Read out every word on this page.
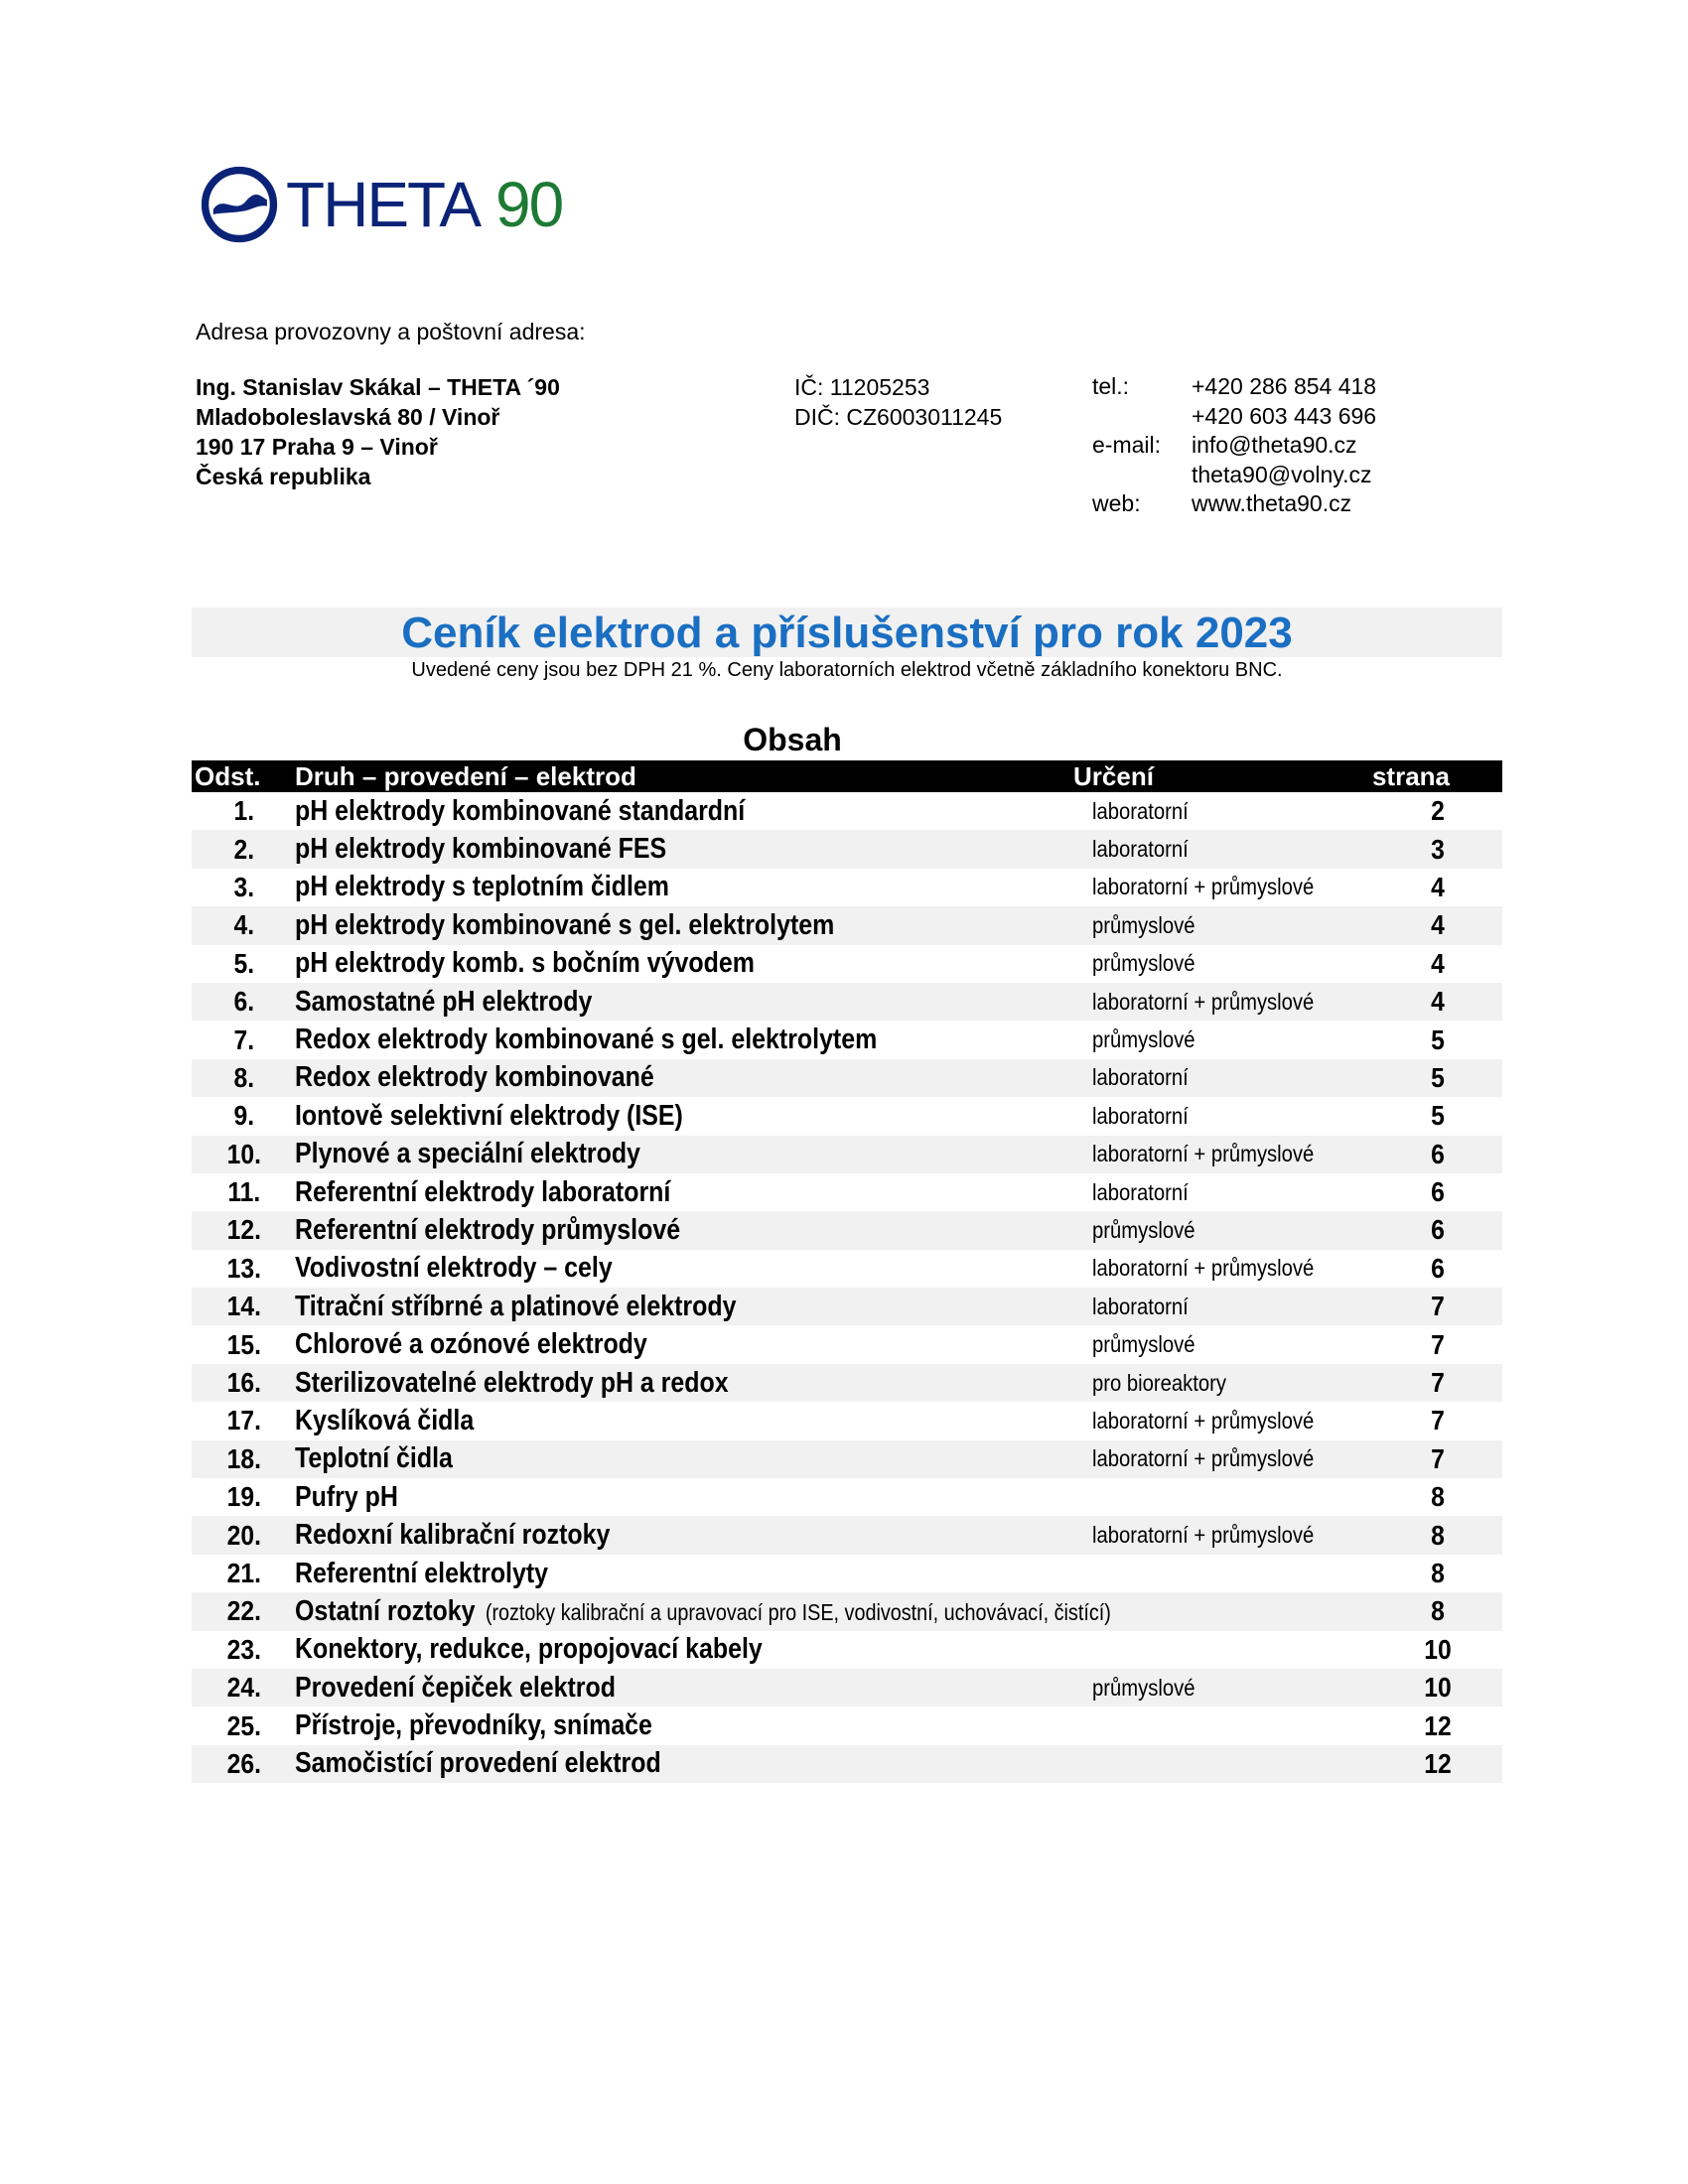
THETA 90
Adresa provozovny a poštovní adresa:
Ing. Stanislav Skákal – THETA ´90
Mladoboleslavská 80 / Vinoř
190 17 Praha 9 – Vinoř
Česká republika
IČ: 11205253
DIČ: CZ6003011245
tel.:	+420 286 854 418
+420 603 443 696
e-mail:	info@theta90.cz
theta90@volny.cz
web:	www.theta90.cz
Ceník elektrod a příslušenství pro rok 2023
Uvedené ceny jsou bez DPH 21 %. Ceny laboratorních elektrod včetně základního konektoru BNC.
Obsah
Odst.	Druh – provedení – elektrod	Určení	strana
1.	pH elektrody kombinované standardní	laboratorní	2
2.	pH elektrody kombinované FES	laboratorní	3
3.	pH elektrody s teplotním čidlem	laboratorní + průmyslové	4
4.	pH elektrody kombinované s gel. elektrolytem	průmyslové	4
5.	pH elektrody komb. s bočním vývodem	průmyslové	4
6.	Samostatné pH elektrody	laboratorní + průmyslové	4
7.	Redox elektrody kombinované s gel. elektrolytem	průmyslové	5
8.	Redox elektrody kombinované	laboratorní	5
9.	Iontově selektivní elektrody (ISE)	laboratorní	5
10.	Plynové a speciální elektrody	laboratorní + průmyslové	6
11.	Referentní elektrody laboratorní	laboratorní	6
12.	Referentní elektrody průmyslové	průmyslové	6
13.	Vodivostní elektrody – cely	laboratorní + průmyslové	6
14.	Titrační stříbrné a platinové elektrody	laboratorní	7
15.	Chlorové a ozónové elektrody	průmyslové	7
16.	Sterilizovatelné elektrody pH a redox	pro bioreaktory	7
17.	Kyslíková čidla	laboratorní + průmyslové	7
18.	Teplotní čidla	laboratorní + průmyslové	7
19.	Pufry pH	8
20.	Redoxní kalibrační roztoky	laboratorní + průmyslové	8
21.	Referentní elektrolyty	8
22.	Ostatní roztoky (roztoky kalibrační a upravovací pro ISE, vodivostní, uchovávací, čistící)	8
23.	Konektory, redukce, propojovací kabely	10
24.	Provedení čepiček elektrod	průmyslové	10
25.	Přístroje, převodníky, snímače	12
26.	Samočistící provedení elektrod	12
